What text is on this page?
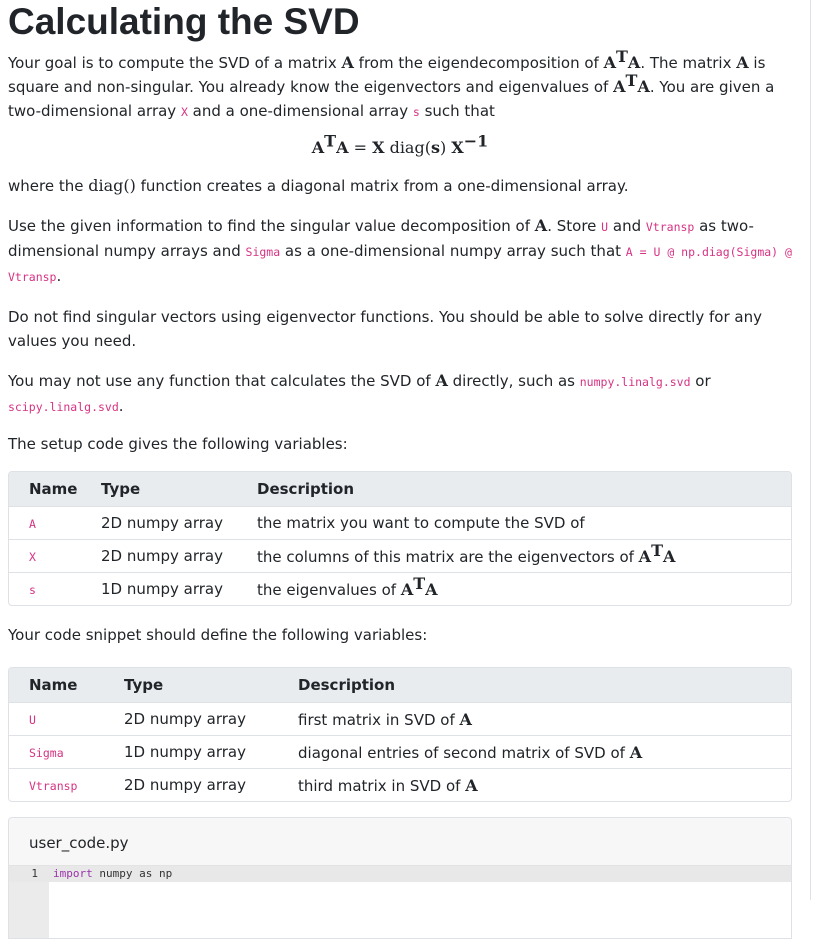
Calculating the SVD

Your goal is to compute the SVD of a matrix A from the eigendecomposition of $A^TA$. The matrix A is square and non-singular. You already know the eigenvectors and eigenvalues of $A^TA$. You are given a two-dimensional array X and a one-dimensional array s such that

$A^TA = X$ diag(s) $X^{-1}$

where the diag() function creates a diagonal matrix from a one-dimensional array.

Use the given information to find the singular value decomposition of A. Store U and Vtransp as two-dimensional numpy arrays and Sigma as a one-dimensional numpy array such that A = U @ np.diag(Sigma) @ Vtransp.

Do not find singular vectors using eigenvector functions. You should be able to solve directly for any values you need.

You may not use any function that calculates the SVD of A directly, such as numpy.linalg.svd or scipy.linalg.svd.

The setup code gives the following variables:

Name	Type	Description
A	2D numpy array	the matrix you want to compute the SVD of
X	2D numpy array	the columns of this matrix are the eigenvectors of $A^TA$
s	1D numpy array	the eigenvalues of $A^TA$

Your code snippet should define the following variables:

Name	Type	Description
U	2D numpy array	first matrix in SVD of A
Sigma	1D numpy array	diagonal entries of second matrix of SVD of A
Vtransp	2D numpy array	third matrix in SVD of A
user_code.py
1 import numpy as np
